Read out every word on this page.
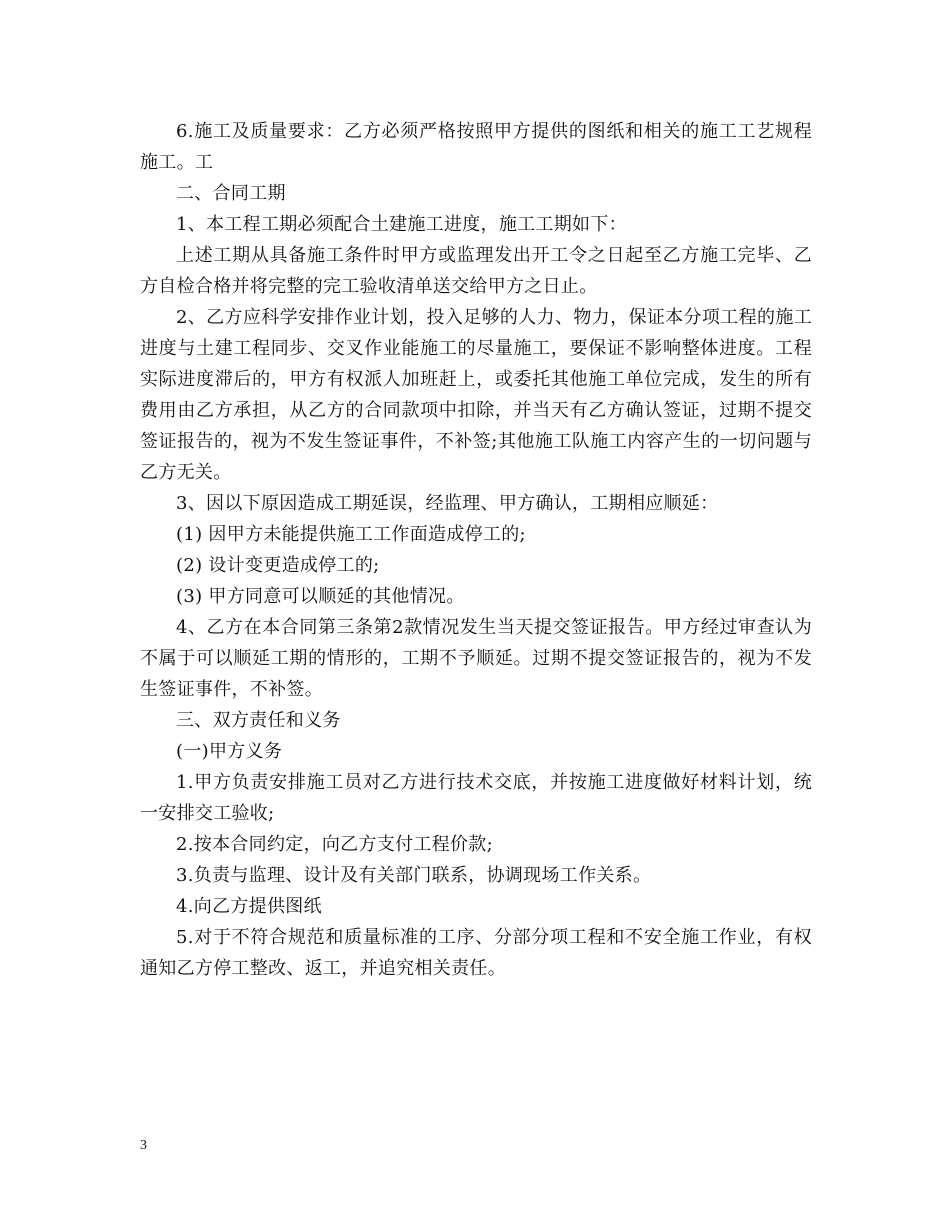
6.施工及质量要求：乙方必须严格按照甲方提供的图纸和相关的施工工艺规程施工。工

二、合同工期

1、本工程工期必须配合土建施工进度，施工工期如下：

上述工期从具备施工条件时甲方或监理发出开工令之日起至乙方施工完毕、乙方自检合格并将完整的完工验收清单送交给甲方之日止。

2、乙方应科学安排作业计划，投入足够的人力、物力，保证本分项工程的施工进度与土建工程同步、交叉作业能施工的尽量施工，要保证不影响整体进度。工程实际进度滞后的，甲方有权派人加班赶上，或委托其他施工单位完成，发生的所有费用由乙方承担，从乙方的合同款项中扣除，并当天有乙方确认签证，过期不提交签证报告的，视为不发生签证事件，不补签;其他施工队施工内容产生的一切问题与乙方无关。

3、因以下原因造成工期延误，经监理、甲方确认，工期相应顺延：

(1) 因甲方未能提供施工工作面造成停工的;

(2) 设计变更造成停工的;

(3) 甲方同意可以顺延的其他情况。

4、乙方在本合同第三条第2款情况发生当天提交签证报告。甲方经过审查认为不属于可以顺延工期的情形的，工期不予顺延。过期不提交签证报告的，视为不发生签证事件，不补签。

三、双方责任和义务

(一)甲方义务

1.甲方负责安排施工员对乙方进行技术交底，并按施工进度做好材料计划，统一安排交工验收;

2.按本合同约定，向乙方支付工程价款;

3.负责与监理、设计及有关部门联系，协调现场工作关系。

4.向乙方提供图纸

5.对于不符合规范和质量标准的工序、分部分项工程和不安全施工作业，有权通知乙方停工整改、返工，并追究相关责任。

3
